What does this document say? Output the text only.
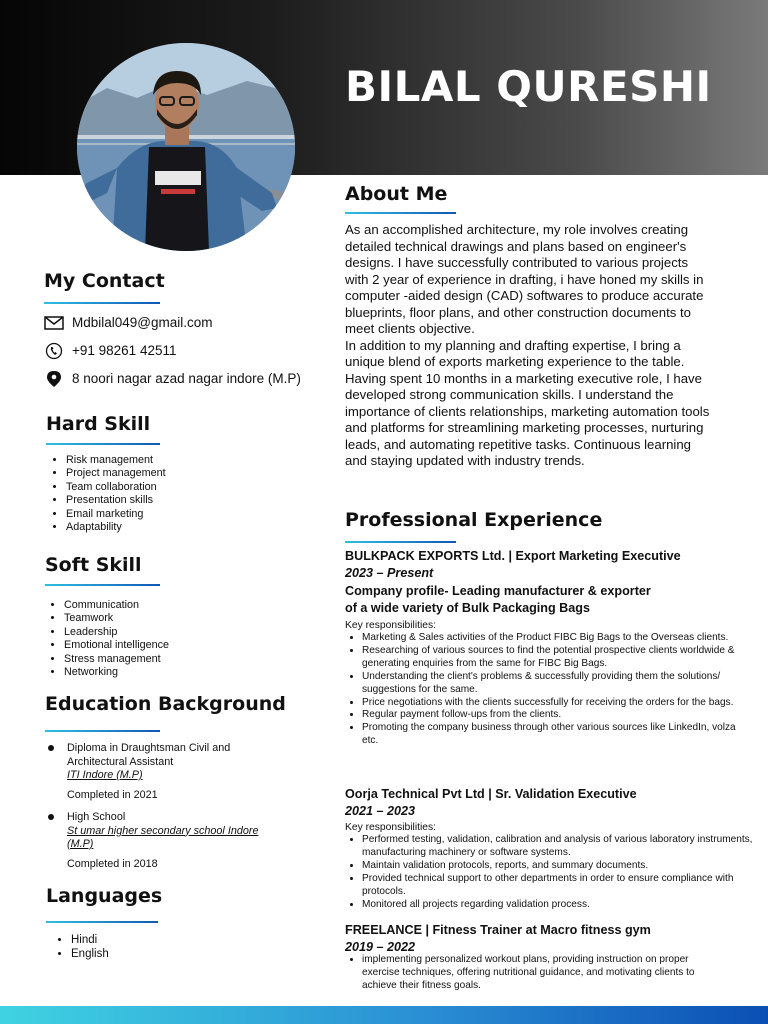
BILAL QURESHI
My Contact
Mdbilal049@gmail.com
+91 98261 42511
8 noori nagar azad nagar indore (M.P)
Hard Skill
• Risk management
• Project management
• Team collaboration
• Presentation skills
• Email marketing
• Adaptability
Soft Skill
• Communication
• Teamwork
• Leadership
• Emotional intelligence
• Stress management
• Networking
Education Background
Diploma in Draughtsman Civil and Architectural Assistant
ITI Indore (M.P)
Completed in 2021
High School
St umar higher secondary school Indore (M.P)
Completed in 2018
Languages
• Hindi
• English
About Me

As an accomplished architecture, my role involves creating detailed technical drawings and plans based on engineer's designs. I have successfully contributed to various projects with 2 year of experience in drafting, i have honed my skills in computer -aided design (CAD) softwares to produce accurate blueprints, floor plans, and other construction documents to meet clients objective.

In addition to my planning and drafting expertise, I bring a unique blend of exports marketing experience to the table. Having spent 10 months in a marketing executive role, I have developed strong communication skills. I understand the importance of clients relationships, marketing automation tools and platforms for streamlining marketing processes, nurturing leads, and automating repetitive tasks. Continuous learning and staying updated with industry trends.

Professional Experience
BULKPACK EXPORTS Ltd. | Export Marketing Executive
2023 – Present
Company profile- Leading manufacturer & exporter
of a wide variety of Bulk Packaging Bags
Key responsibilities:
• Marketing & Sales activities of the Product FIBC Big Bags to the Overseas clients.
• Researching of various sources to find the potential prospective clients worldwide & generating enquiries from the same for FIBC Big Bags.
• Understanding the client's problems & successfully providing them the solutions/ suggestions for the same.
• Price negotiations with the clients successfully for receiving the orders for the bags.
• Regular payment follow-ups from the clients.
• Promoting the company business through other various sources like LinkedIn, volza etc.
Oorja Technical Pvt Ltd | Sr. Validation Executive
2021 – 2023
Key responsibilities:
• Performed testing, validation, calibration and analysis of various laboratory instruments, manufacturing machinery or software systems.
• Maintain validation protocols, reports, and summary documents.
• Provided technical support to other departments in order to ensure compliance with protocols.
• Monitored all projects regarding validation process.
FREELANCE | Fitness Trainer at Macro fitness gym
2019 – 2022
• implementing personalized workout plans, providing instruction on proper exercise techniques, offering nutritional guidance, and motivating clients to achieve their fitness goals.
